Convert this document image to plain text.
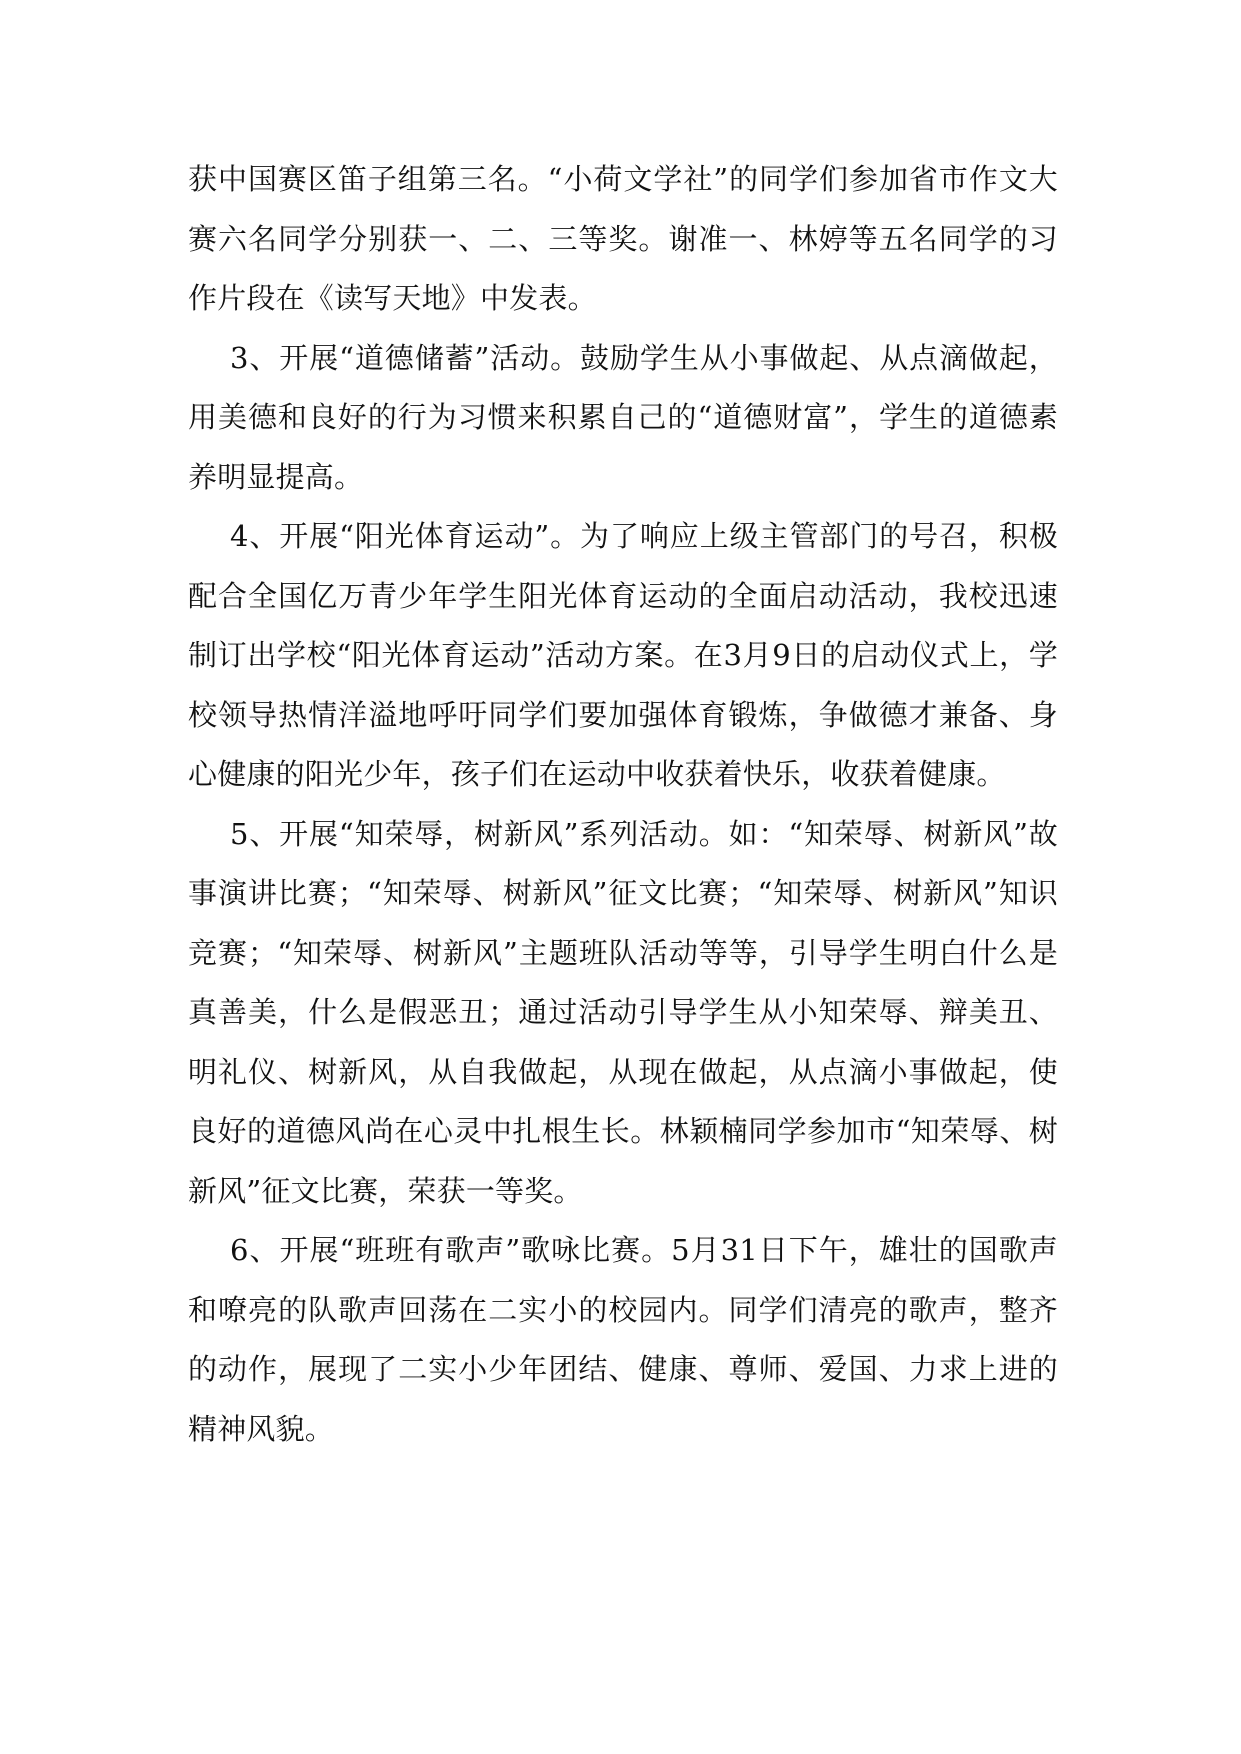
获中国赛区笛子组第三名。“小荷文学社”的同学们参加省市作文大赛六名同学分别获一、二、三等奖。谢准一、林婷等五名同学的习作片段在《读写天地》中发表。

3、开展“道德储蓄”活动。鼓励学生从小事做起、从点滴做起，用美德和良好的行为习惯来积累自己的“道德财富”，学生的道德素养明显提高。

4、开展“阳光体育运动”。为了响应上级主管部门的号召，积极配合全国亿万青少年学生阳光体育运动的全面启动活动，我校迅速制订出学校“阳光体育运动”活动方案。在3月9日的启动仪式上，学校领导热情洋溢地呼吁同学们要加强体育锻炼，争做德才兼备、身心健康的阳光少年，孩子们在运动中收获着快乐，收获着健康。

5、开展“知荣辱，树新风”系列活动。如：“知荣辱、树新风”故事演讲比赛；“知荣辱、树新风”征文比赛；“知荣辱、树新风”知识竞赛；“知荣辱、树新风”主题班队活动等等，引导学生明白什么是真善美，什么是假恶丑；通过活动引导学生从小知荣辱、辩美丑、明礼仪、树新风，从自我做起，从现在做起，从点滴小事做起，使良好的道德风尚在心灵中扎根生长。林颖楠同学参加市“知荣辱、树新风”征文比赛，荣获一等奖。

6、开展“班班有歌声”歌咏比赛。5月31日下午，雄壮的国歌声和嘹亮的队歌声回荡在二实小的校园内。同学们清亮的歌声，整齐的动作，展现了二实小少年团结、健康、尊师、爱国、力求上进的精神风貌。
